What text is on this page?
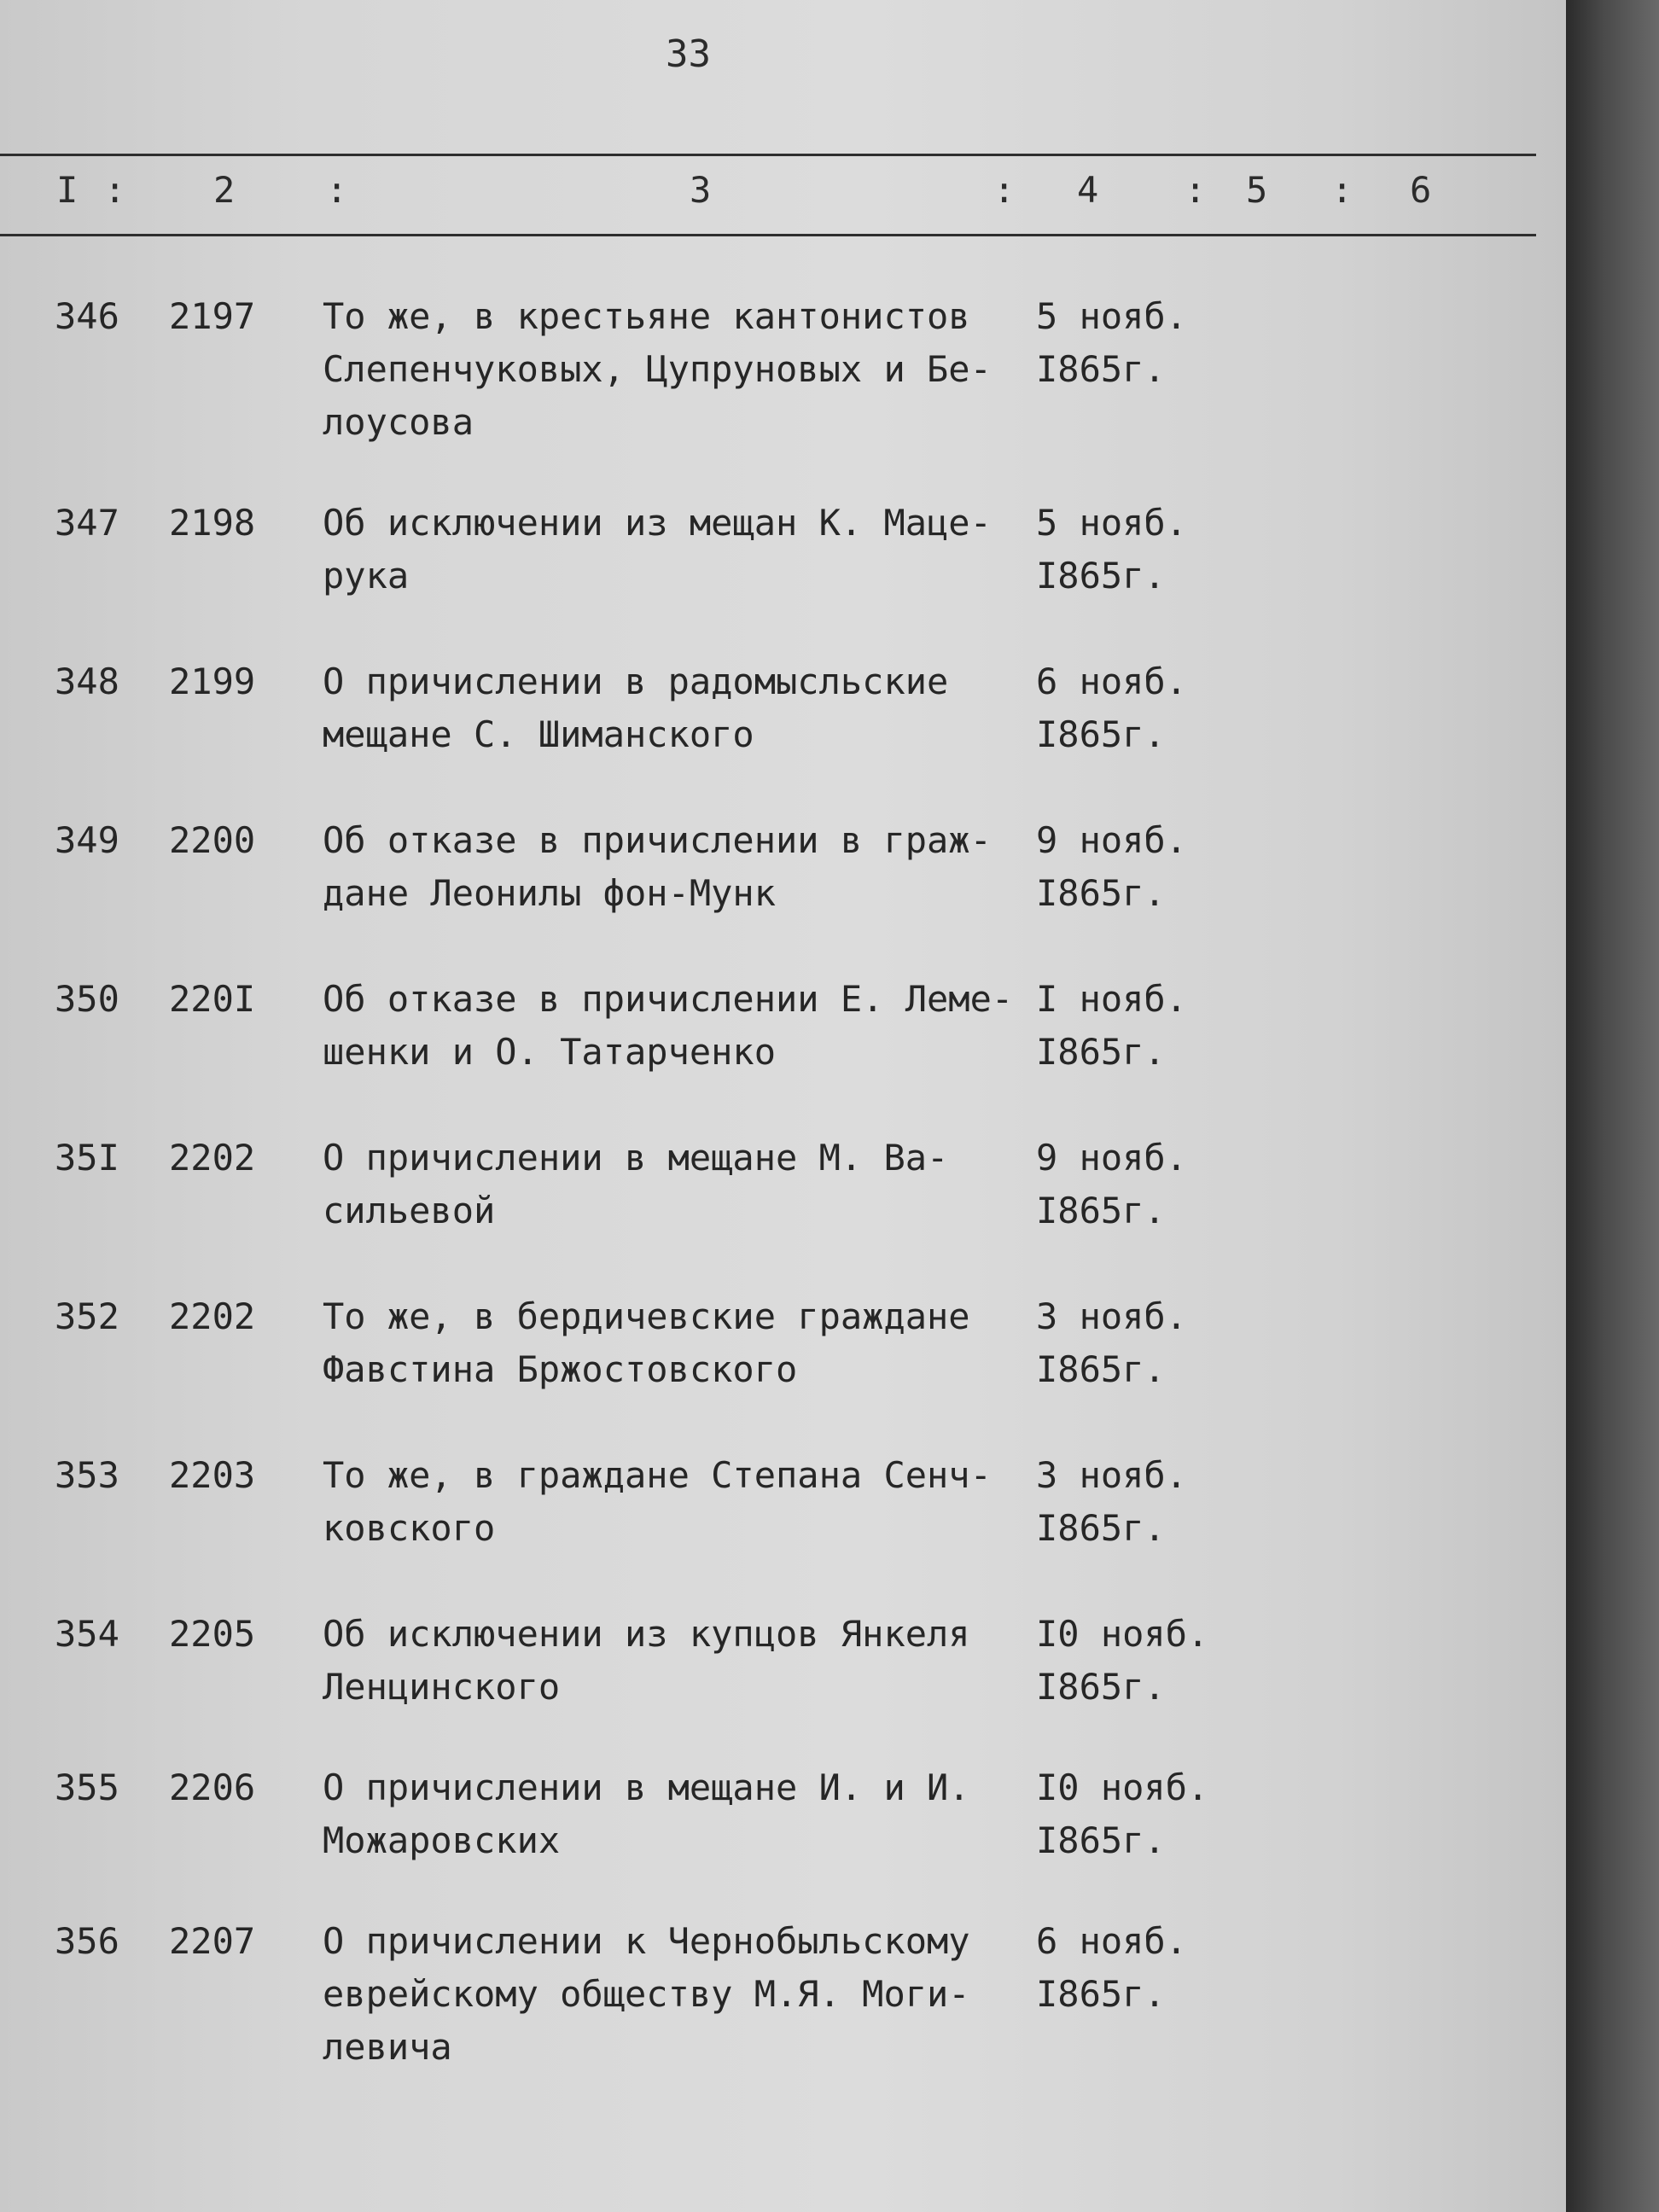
33
I : 2	:	3	: 4 : 5 : 6
346 2197 То же, в крестьяне кантонистов
Слепенчуковых, Цупруновых и Бе-
лоусова
5 нояб.
I865г.
347 2198 Об исключении из мещан К. Маце-
рука
5 нояб.
I865г.
348 2199 О причислении в радомысльские
мещане С. Шиманского
6 нояб.
I865г.
349 2200 Об отказе в причислении в граж-
дане Леонилы фон-Мунк
9 нояб.
I865г.
350 220I Об отказе в причислении Е. Леме-
шенки и О. Татарченко
I нояб.
I865г.
35I 2202 О причислении в мещане М. Ва-
сильевой
9 нояб.
I865г.
352 2202 То же, в бердичевские граждане
Фавстина Бржостовского
3 нояб.
I865г.
353 2203 То же, в граждане Степана Сенч-
ковского
3 нояб.
I865г.
354 2205 Об исключении из купцов Янкеля
Ленцинского
I0 нояб.
I865г.
355 2206 О причислении в мещане И. и И.
Можаровских
I0 нояб.
I865г.
356 2207 О причислении к Чернобыльскому
еврейскому обществу М.Я. Моги-
левича
6 нояб.
I865г.
